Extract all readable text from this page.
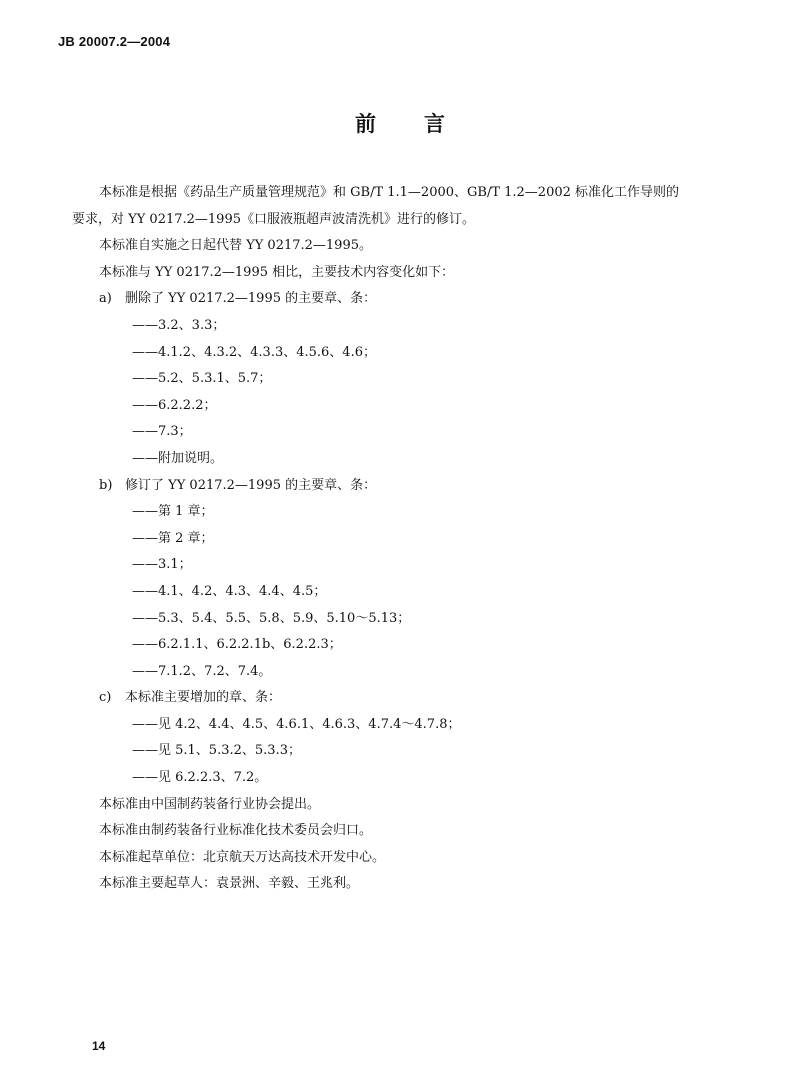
JB 20007.2—2004

前 言

本标准是根据《药品生产质量管理规范》和 GB/T 1.1—2000、GB/T 1.2—2002 标准化工作导则的

要求，对 YY 0217.2—1995《口服液瓶超声波清洗机》进行的修订。

本标准自实施之日起代替 YY 0217.2—1995。

本标准与 YY 0217.2—1995 相比，主要技术内容变化如下：

a) 删除了 YY 0217.2—1995 的主要章、条：

——3.2、3.3；

——4.1.2、4.3.2、4.3.3、4.5.6、4.6；

——5.2、5.3.1、5.7；

——6.2.2.2；

——7.3；

——附加说明。

b) 修订了 YY 0217.2—1995 的主要章、条：

——第 1 章；

——第 2 章；

——3.1；

——4.1、4.2、4.3、4.4、4.5；

——5.3、5.4、5.5、5.8、5.9、5.10～5.13；

——6.2.1.1、6.2.2.1b、6.2.2.3；

——7.1.2、7.2、7.4。

c) 本标准主要增加的章、条：

——见 4.2、4.4、4.5、4.6.1、4.6.3、4.7.4～4.7.8；

——见 5.1、5.3.2、5.3.3；

——见 6.2.2.3、7.2。

本标准由中国制药装备行业协会提出。

本标准由制药装备行业标准化技术委员会归口。

本标准起草单位：北京航天万达高技术开发中心。

本标准主要起草人：袁景洲、辛毅、王兆利。

14
